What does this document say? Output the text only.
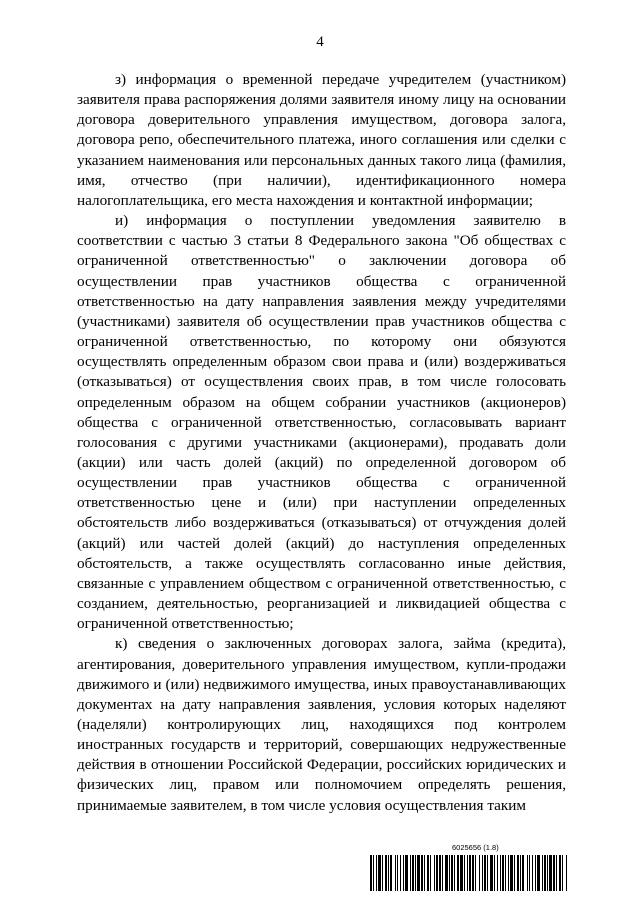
4

з) информация о временной передаче учредителем (участником) заявителя права распоряжения долями заявителя иному лицу на основании договора доверительного управления имуществом, договора залога, договора репо, обеспечительного платежа, иного соглашения или сделки с указанием наименования или персональных данных такого лица (фамилия, имя, отчество (при наличии), идентификационного номера налогоплательщика, его места нахождения и контактной информации;

и) информация о поступлении уведомления заявителю в соответствии с частью 3 статьи 8 Федерального закона "Об обществах с ограниченной ответственностью" о заключении договора об осуществлении прав участников общества с ограниченной ответственностью на дату направления заявления между учредителями (участниками) заявителя об осуществлении прав участников общества с ограниченной ответственностью, по которому они обязуются осуществлять определенным образом свои права и (или) воздерживаться (отказываться) от осуществления своих прав, в том числе голосовать определенным образом на общем собрании участников (акционеров) общества с ограниченной ответственностью, согласовывать вариант голосования с другими участниками (акционерами), продавать доли (акции) или часть долей (акций) по определенной договором об осуществлении прав участников общества с ограниченной ответственностью цене и (или) при наступлении определенных обстоятельств либо воздерживаться (отказываться) от отчуждения долей (акций) или частей долей (акций) до наступления определенных обстоятельств, а также осуществлять согласованно иные действия, связанные с управлением обществом с ограниченной ответственностью, с созданием, деятельностью, реорганизацией и ликвидацией общества с ограниченной ответственностью;

к) сведения о заключенных договорах залога, займа (кредита), агентирования, доверительного управления имуществом, купли-продажи движимого и (или) недвижимого имущества, иных правоустанавливающих документах на дату направления заявления, условия которых наделяют (наделяли) контролирующих лиц, находящихся под контролем иностранных государств и территорий, совершающих недружественные действия в отношении Российской Федерации, российских юридических и физических лиц, правом или полномочием определять решения, принимаемые заявителем, в том числе условия осуществления таким

6025656 (1.8)
